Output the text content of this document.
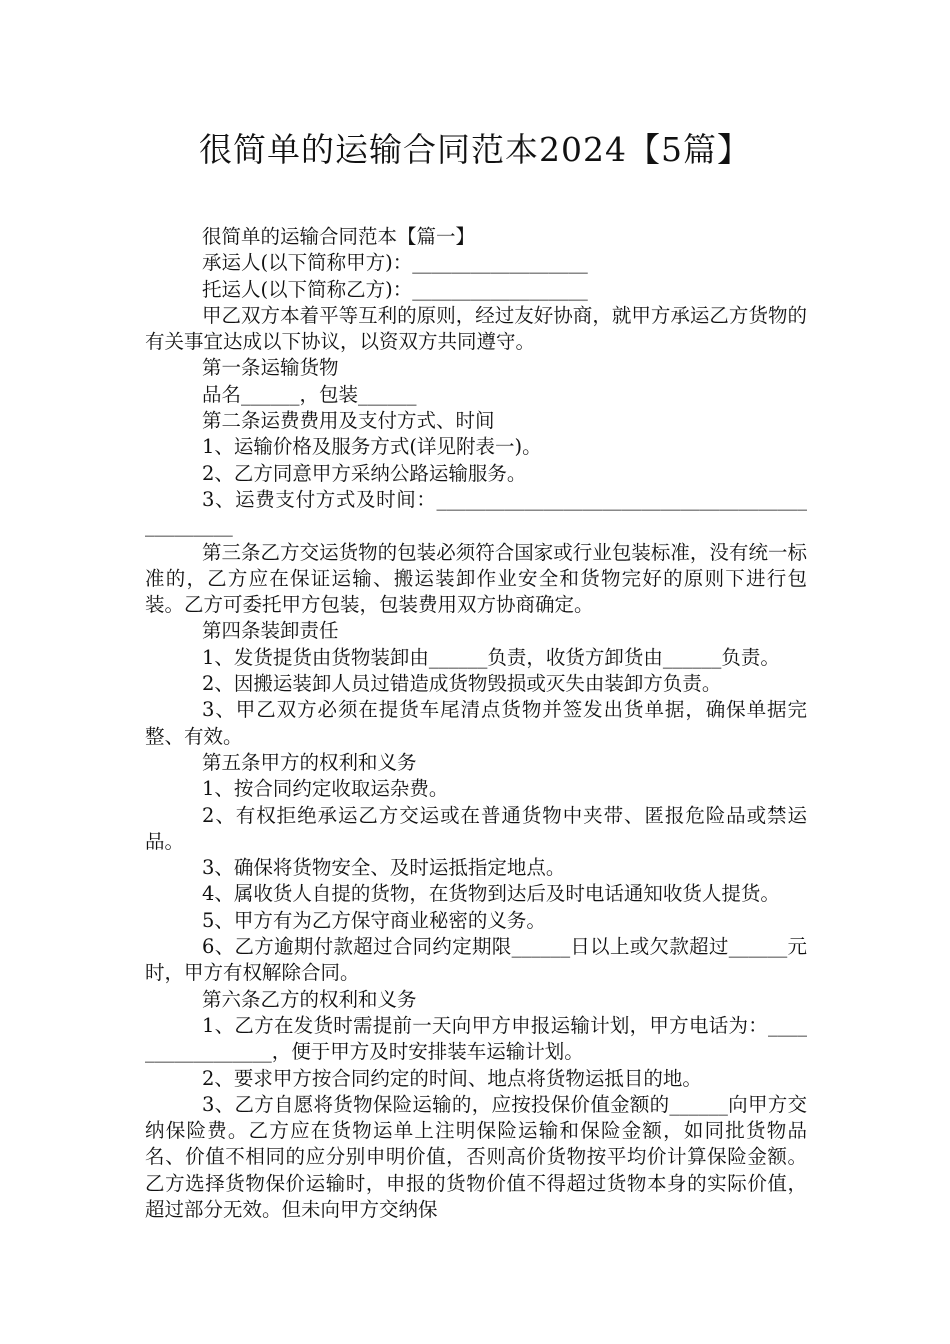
很简单的运输合同范本2024【5篇】

很简单的运输合同范本【篇一】

承运人(以下简称甲方)：__________________

托运人(以下简称乙方)：__________________

甲乙双方本着平等互利的原则，经过友好协商，就甲方承运乙方货物的有关事宜达成以下协议，以资双方共同遵守。

第一条运输货物

品名______，包装______

第二条运费费用及支付方式、时间

1、运输价格及服务方式(详见附表一)。

2、乙方同意甲方采纳公路运输服务。

3、运费支付方式及时间：_______________________________________________

第三条乙方交运货物的包装必须符合国家或行业包装标准，没有统一标准的，乙方应在保证运输、搬运装卸作业安全和货物完好的原则下进行包装。乙方可委托甲方包装，包装费用双方协商确定。

第四条装卸责任

1、发货提货由货物装卸由______负责，收货方卸货由______负责。

2、因搬运装卸人员过错造成货物毁损或灭失由装卸方负责。

3、甲乙双方必须在提货车尾清点货物并签发出货单据，确保单据完整、有效。

第五条甲方的权利和义务

1、按合同约定收取运杂费。

2、有权拒绝承运乙方交运或在普通货物中夹带、匿报危险品或禁运品。

3、确保将货物安全、及时运抵指定地点。

4、属收货人自提的货物，在货物到达后及时电话通知收货人提货。

5、甲方有为乙方保守商业秘密的义务。

6、乙方逾期付款超过合同约定期限______日以上或欠款超过______元时，甲方有权解除合同。

第六条乙方的权利和义务

1、乙方在发货时需提前一天向甲方申报运输计划，甲方电话为：_________________，便于甲方及时安排装车运输计划。

2、要求甲方按合同约定的时间、地点将货物运抵目的地。

3、乙方自愿将货物保险运输的，应按投保价值金额的______向甲方交纳保险费。乙方应在货物运单上注明保险运输和保险金额，如同批货物品名、价值不相同的应分别申明价值，否则高价货物按平均价计算保险金额。乙方选择货物保价运输时，申报的货物价值不得超过货物本身的实际价值，超过部分无效。但未向甲方交纳保
